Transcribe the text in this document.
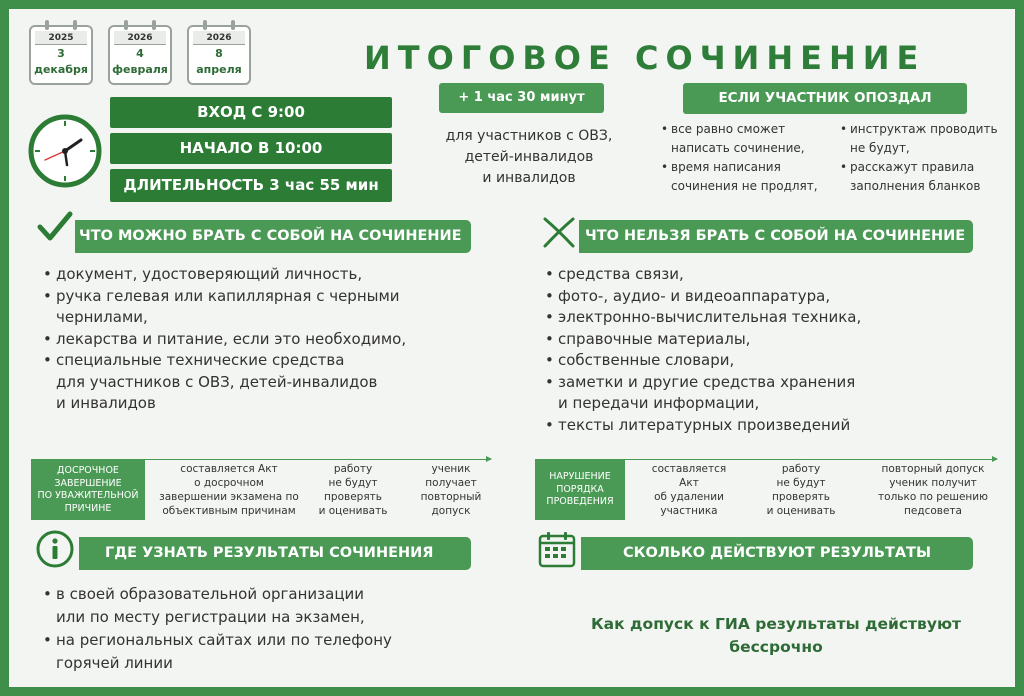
2025
3
декабря
2026
4
февраля
2026
8
апреля	ИТОГОВОЕ СОЧИНЕНИЕ
ВХОД С 9:00
НАЧАЛО В 10:00
ДЛИТЕЛЬНОСТЬ 3 час 55 мин
+ 1 час 30 минут
для участников с ОВЗ,
детей-инвалидов
и инвалидов
ЕСЛИ УЧАСТНИК ОПОЗДАЛ
• все равно сможет
написать сочинение,
• время написания
сочинения не продлят,
• инструктаж проводить
не будут,
• расскажут правила
заполнения бланков
ЧТО МОЖНО БРАТЬ С СОБОЙ НА СОЧИНЕНИЕ
• документ, удостоверяющий личность,
• ручка гелевая или капиллярная с черными
чернилами,
• лекарства и питание, если это необходимо,
• специальные технические средства
для участников с ОВЗ, детей-инвалидов
и инвалидов
ЧТО НЕЛЬЗЯ БРАТЬ С СОБОЙ НА СОЧИНЕНИЕ
• средства связи,
• фото-, аудио- и видеоаппаратура,
• электронно-вычислительная техника,
• справочные материалы,
• собственные словари,
• заметки и другие средства хранения
и передачи информации,
• тексты литературных произведений
ДОСРОЧНОЕ
ЗАВЕРШЕНИЕ
ПО УВАЖИТЕЛЬНОЙ
ПРИЧИНЕ
составляется Акт
о досрочном
завершении экзамена по
объективным причинам
работу
не будут
проверять
и оценивать
ученик
получает
повторный
допуск
НАРУШЕНИЕ
ПОРЯДКА
ПРОВЕДЕНИЯ
составляется
Акт
об удалении
участника
работу
не будут
проверять
и оценивать
повторный допуск
ученик получит
только по решению
педсовета
ГДЕ УЗНАТЬ РЕЗУЛЬТАТЫ СОЧИНЕНИЯ
• в своей образовательной организации
или по месту регистрации на экзамен,
• на региональных сайтах или по телефону
горячей линии
СКОЛЬКО ДЕЙСТВУЮТ РЕЗУЛЬТАТЫ
Как допуск к ГИА результаты действуют
бессрочно
